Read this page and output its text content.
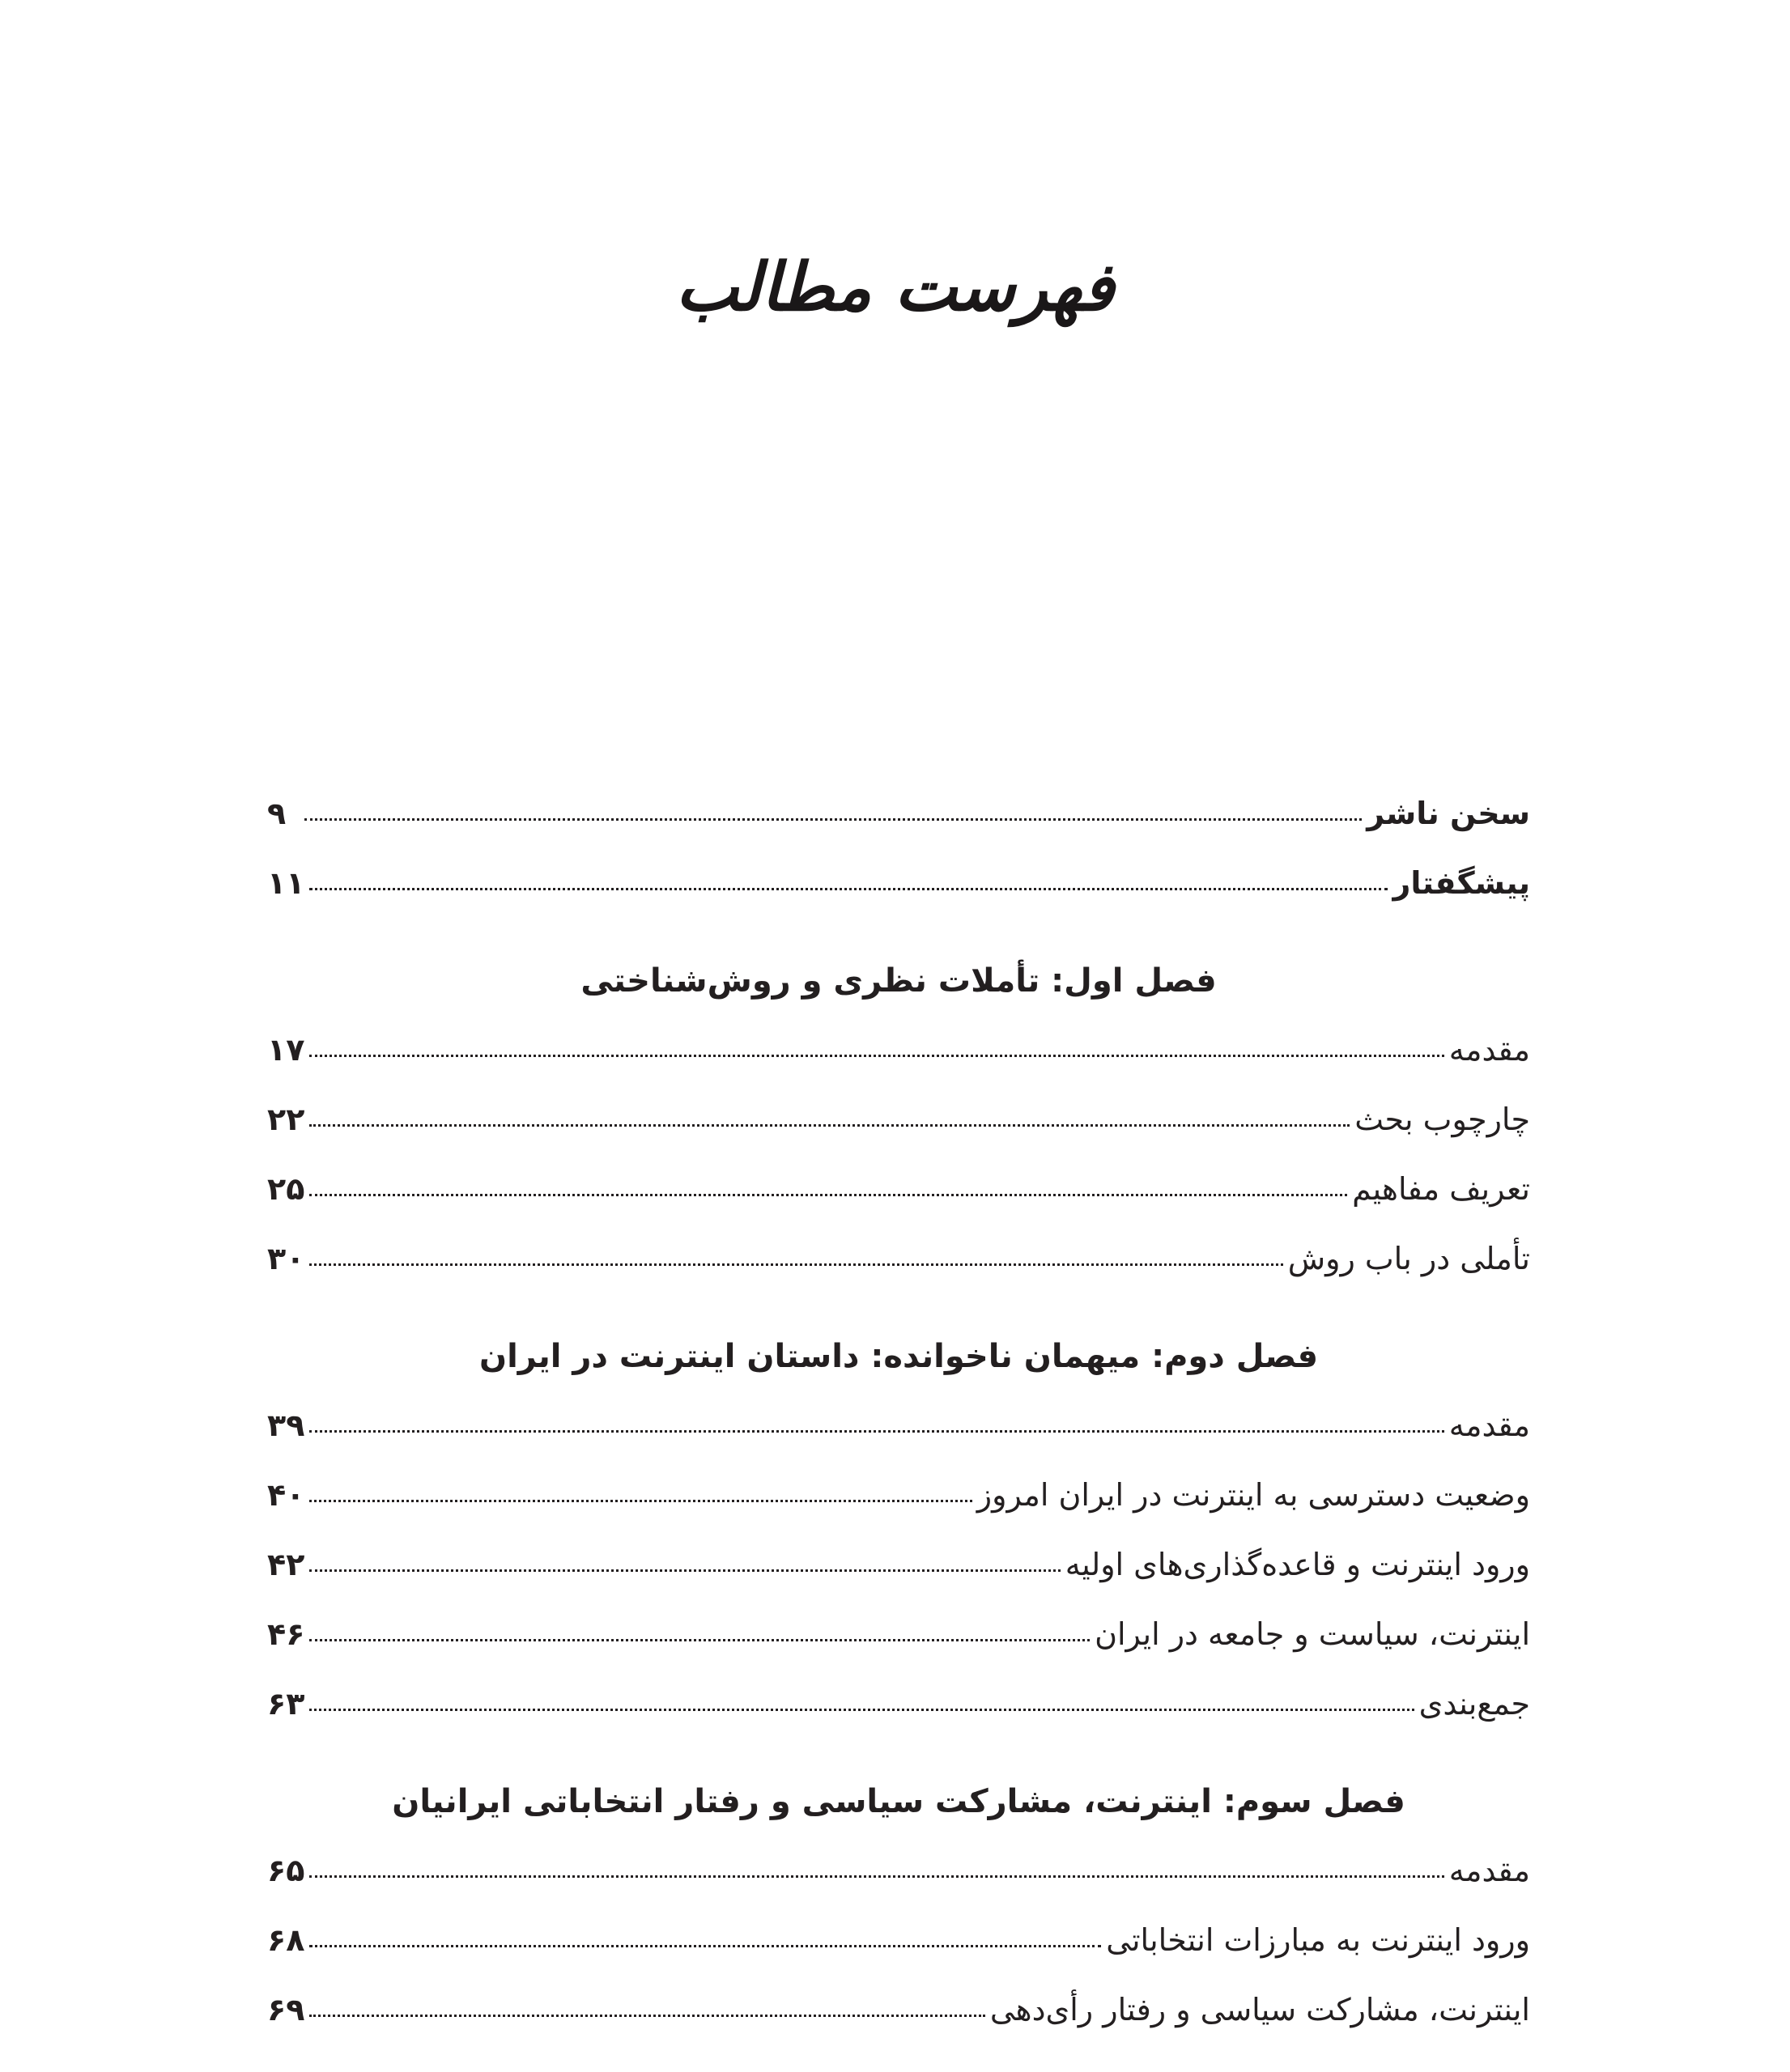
فهرست مطالب
سخن ناشر
۹
پیشگفتار
۱۱
فصل اول: تأملات نظری و روش‌شناختی
مقدمه
۱۷
چارچوب بحث
۲۲
تعریف مفاهیم
۲۵
تأملی در باب روش
۳۰
فصل دوم: میهمان ناخوانده: داستان اینترنت در ایران
مقدمه
۳۹
وضعیت دسترسی به اینترنت در ایران امروز
۴۰
ورود اینترنت و قاعده‌گذاری‌های اولیه
۴۲
اینترنت، سیاست و جامعه در ایران
۴۶
جمع‌بندی
۶۳
فصل سوم: اینترنت، مشارکت سیاسی و رفتار انتخاباتی ایرانیان
مقدمه
۶۵
ورود اینترنت به مبارزات انتخاباتی
۶۸
اینترنت، مشارکت سیاسی و رفتار رأی‌دهی
۶۹
